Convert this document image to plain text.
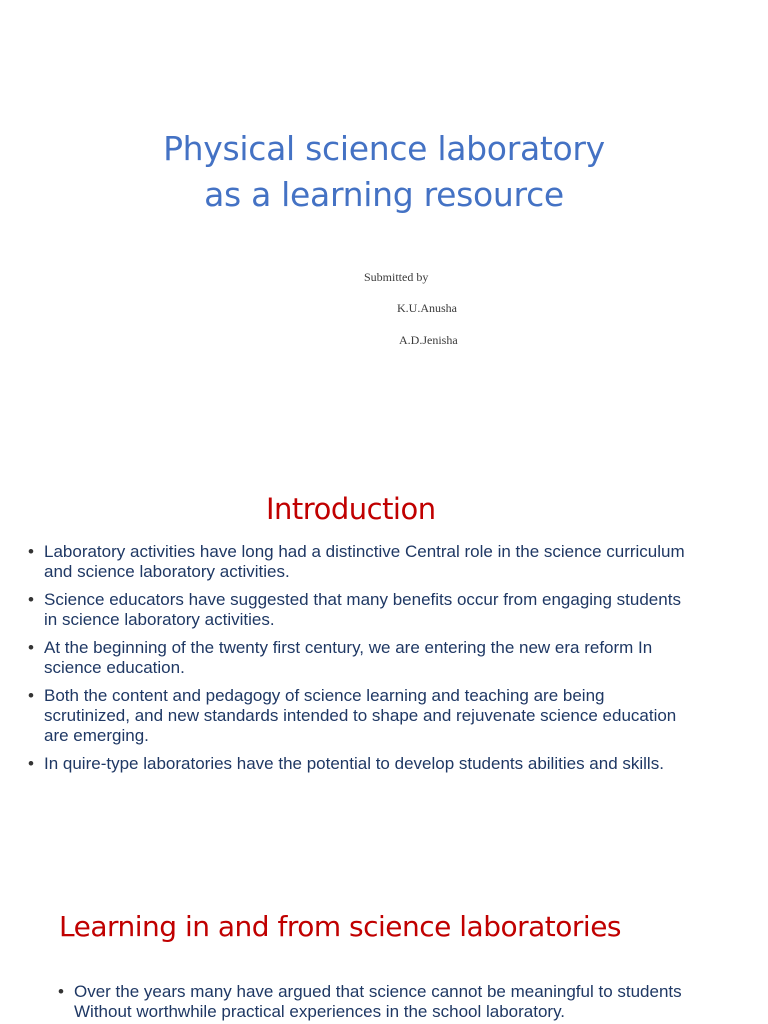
Physical science laboratory
as a learning resource
Submitted by
K.U.Anusha
A.D.Jenisha
Introduction
• Laboratory activities have long had a distinctive Central role in the science curriculum and science laboratory activities.
• Science educators have suggested that many benefits occur from engaging students in science laboratory activities.
• At the beginning of the twenty first century, we are entering the new era reform In science education.
• Both the content and pedagogy of science learning and teaching are being scrutinized, and new standards intended to shape and rejuvenate science education are emerging.
• In quire-type laboratories have the potential to develop students abilities and skills.
Learning in and from science laboratories
• Over the years many have argued that science cannot be meaningful to students Without worthwhile practical experiences in the school laboratory.
